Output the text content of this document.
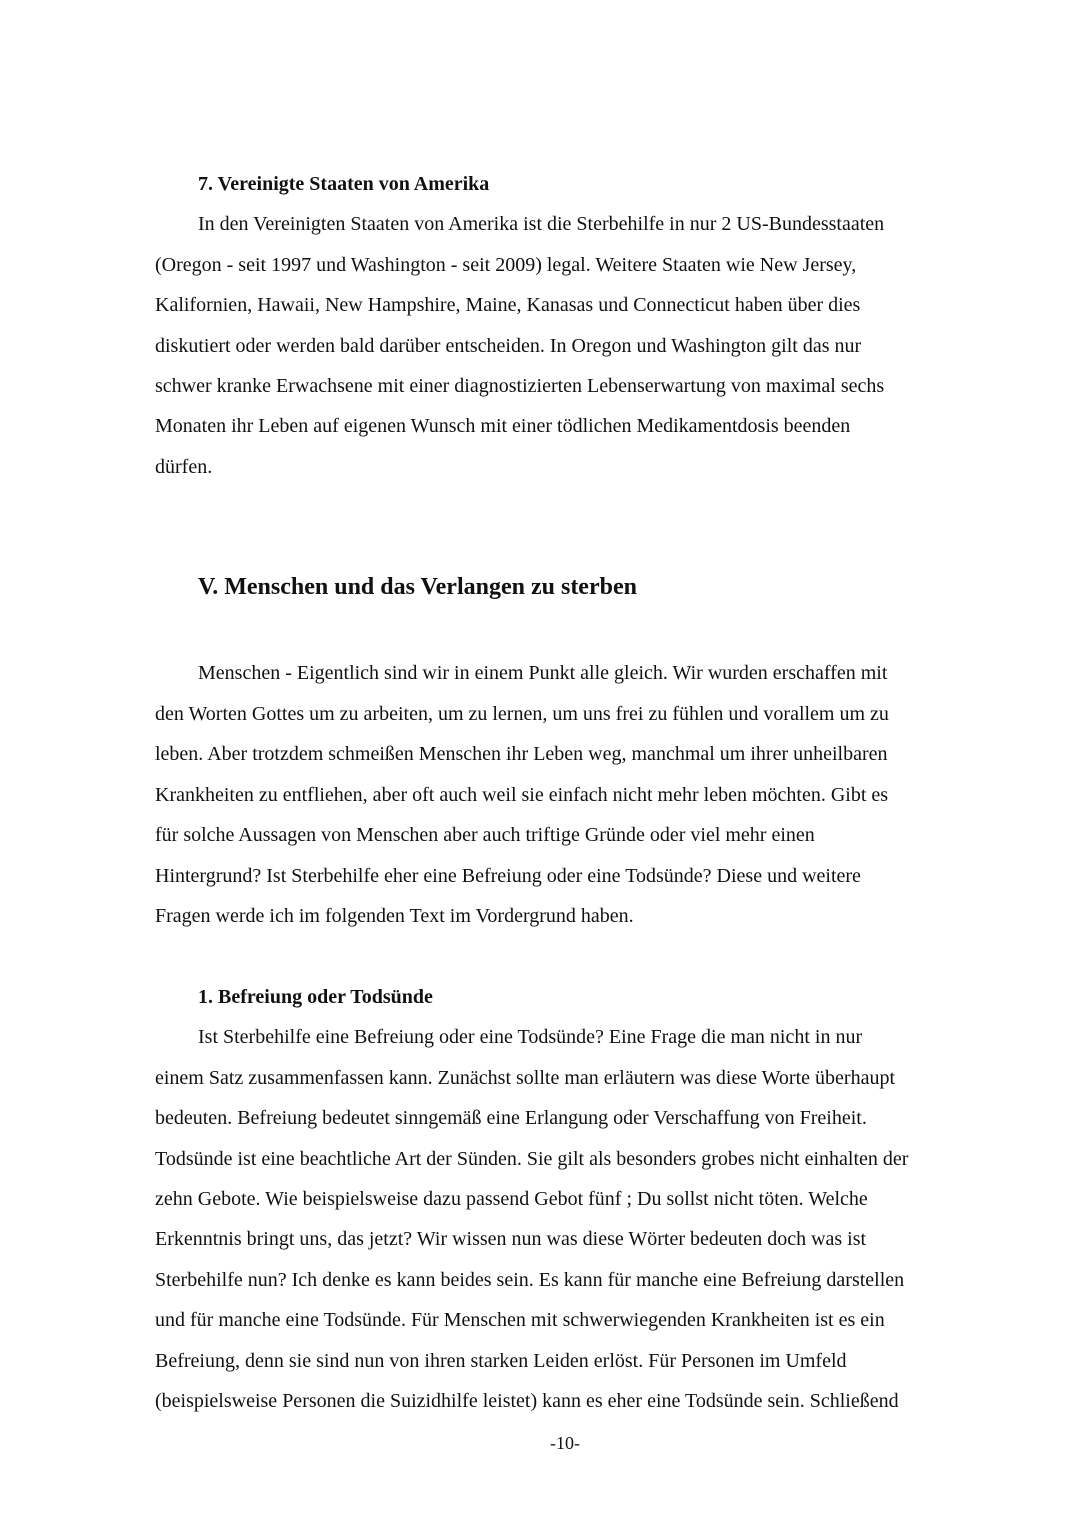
7. Vereinigte Staaten von Amerika
In den Vereinigten Staaten von Amerika ist die Sterbehilfe in nur 2 US-Bundesstaaten
(Oregon - seit 1997 und Washington - seit 2009) legal. Weitere Staaten wie New Jersey,
Kalifornien, Hawaii, New Hampshire, Maine, Kanasas und Connecticut haben über dies
diskutiert oder werden bald darüber entscheiden. In Oregon und Washington gilt das nur
schwer kranke Erwachsene mit einer diagnostizierten Lebenserwartung von maximal sechs
Monaten ihr Leben auf eigenen Wunsch mit einer tödlichen Medikamentdosis beenden
dürfen.
V. Menschen und das Verlangen zu sterben
Menschen - Eigentlich sind wir in einem Punkt alle gleich. Wir wurden erschaffen mit
den Worten Gottes um zu arbeiten, um zu lernen, um uns frei zu fühlen und vorallem um zu
leben. Aber trotzdem schmeißen Menschen ihr Leben weg, manchmal um ihrer unheilbaren
Krankheiten zu entfliehen, aber oft auch weil sie einfach nicht mehr leben möchten. Gibt es
für solche Aussagen von Menschen aber auch triftige Gründe oder viel mehr einen
Hintergrund? Ist Sterbehilfe eher eine Befreiung oder eine Todsünde? Diese und weitere
Fragen werde ich im folgenden Text im Vordergrund haben.
1. Befreiung oder Todsünde
Ist Sterbehilfe eine Befreiung oder eine Todsünde? Eine Frage die man nicht in nur
einem Satz zusammenfassen kann. Zunächst sollte man erläutern was diese Worte überhaupt
bedeuten. Befreiung bedeutet sinngemäß eine Erlangung oder Verschaffung von Freiheit.
Todsünde ist eine beachtliche Art der Sünden. Sie gilt als besonders grobes nicht einhalten der
zehn Gebote. Wie beispielsweise dazu passend Gebot fünf ; Du sollst nicht töten. Welche
Erkenntnis bringt uns, das jetzt? Wir wissen nun was diese Wörter bedeuten doch was ist
Sterbehilfe nun? Ich denke es kann beides sein. Es kann für manche eine Befreiung darstellen
und für manche eine Todsünde. Für Menschen mit schwerwiegenden Krankheiten ist es ein
Befreiung, denn sie sind nun von ihren starken Leiden erlöst. Für Personen im Umfeld
(beispielsweise Personen die Suizidhilfe leistet) kann es eher eine Todsünde sein. Schließend
-10-
